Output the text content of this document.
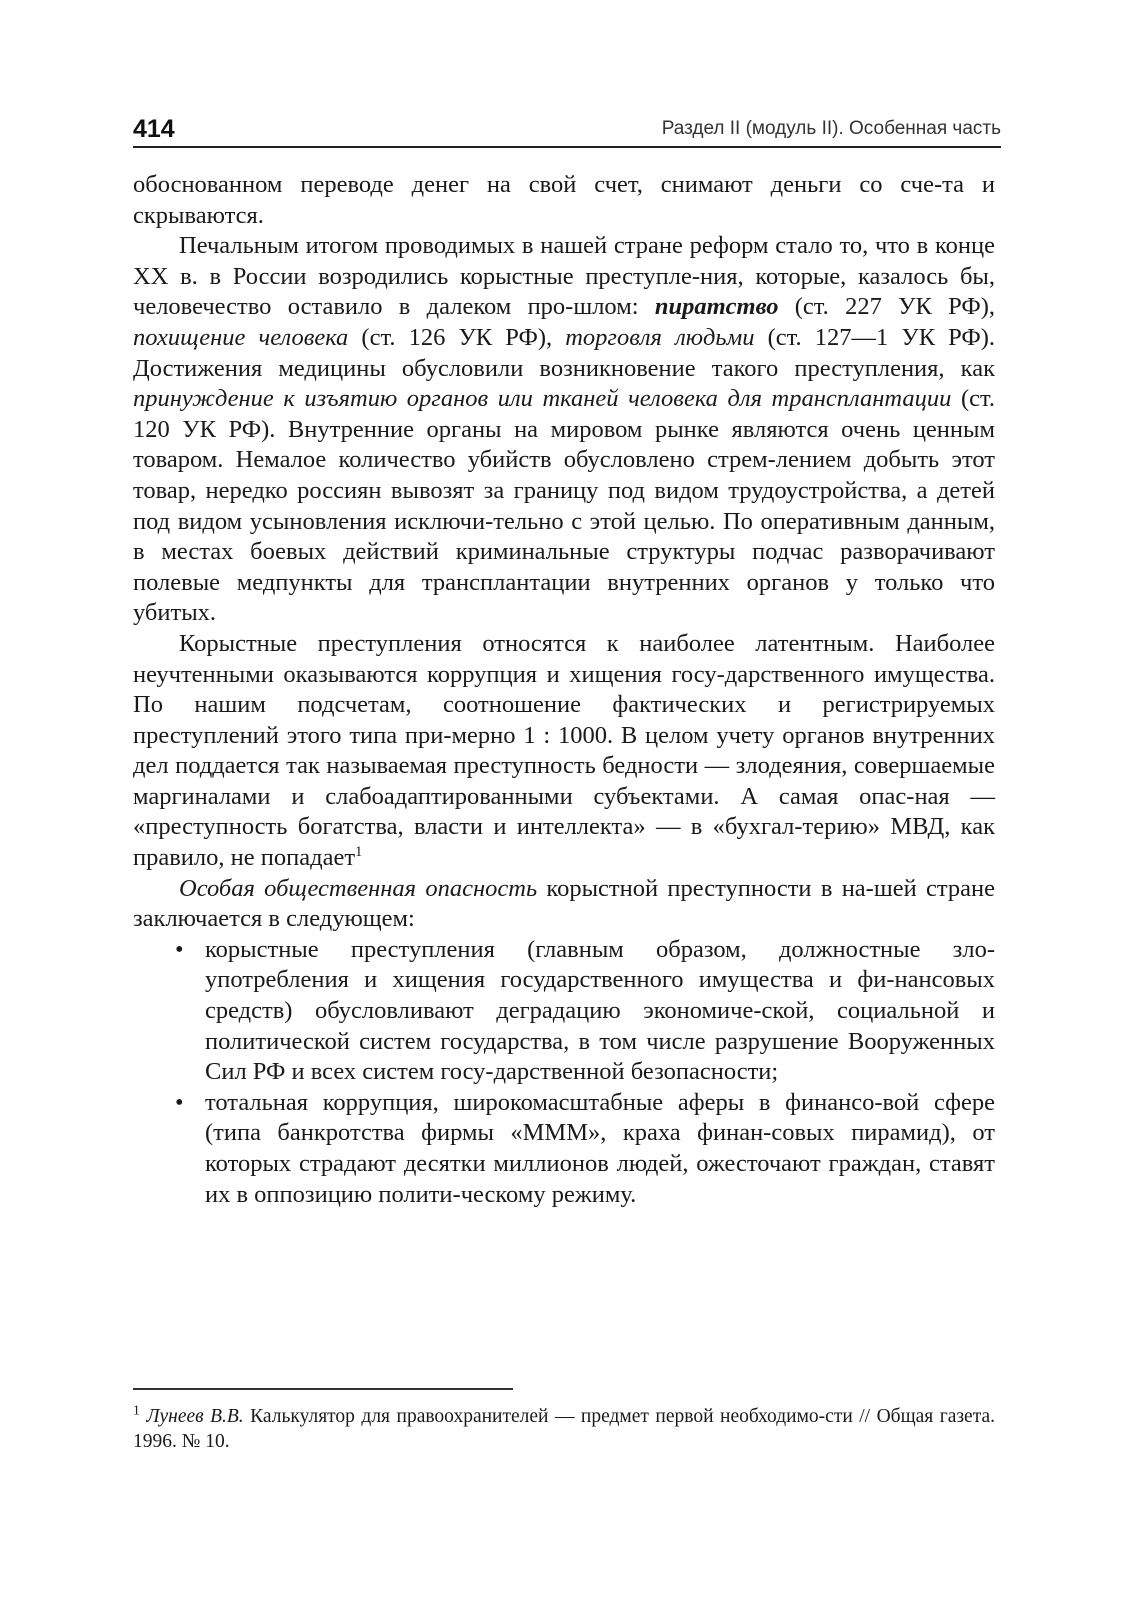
414	Раздел II (модуль II). Особенная часть

обоснованном переводе денег на свой счет, снимают деньги со сче-та и скрываются.

Печальным итогом проводимых в нашей стране реформ стало то, что в конце XX в. в России возродились корыстные преступле-ния, которые, казалось бы, человечество оставило в далеком про-шлом: пиратство (ст. 227 УК РФ), похищение человека (ст. 126 УК РФ), торговля людьми (ст. 127—1 УК РФ). Достижения медицины обусловили возникновение такого преступления, как принуждение к изъятию органов или тканей человека для трансплантации (ст. 120 УК РФ). Внутренние органы на мировом рынке являются очень ценным товаром. Немалое количество убийств обусловлено стрем-лением добыть этот товар, нередко россиян вывозят за границу под видом трудоустройства, а детей под видом усыновления исключи-тельно с этой целью. По оперативным данным, в местах боевых действий криминальные структуры подчас разворачивают полевые медпункты для трансплантации внутренних органов у только что убитых.

Корыстные преступления относятся к наиболее латентным. Наиболее неучтенными оказываются коррупция и хищения госу-дарственного имущества. По нашим подсчетам, соотношение фактических и регистрируемых преступлений этого типа при-мерно 1 : 1000. В целом учету органов внутренних дел поддается так называемая преступность бедности — злодеяния, совершаемые маргиналами и слабоадаптированными субъектами. А самая опас-ная — «преступность богатства, власти и интеллекта» — в «бухгал-терию» МВД, как правило, не попадает$^1$

Особая общественная опасность корыстной преступности в на-шей стране заключается в следующем:

• корыстные преступления (главным образом, должностные зло-употребления и хищения государственного имущества и фи-нансовых средств) обусловливают деградацию экономиче-ской, социальной и политической систем государства, в том числе разрушение Вооруженных Сил РФ и всех систем госу-дарственной безопасности;
• тотальная коррупция, широкомасштабные аферы в финансо-вой сфере (типа банкротства фирмы «МММ», краха финан-совых пирамид), от которых страдают десятки миллионов людей, ожесточают граждан, ставят их в оппозицию полити-ческому режиму.
$^1$ Лунеев В.В. Калькулятор для правоохранителей — предмет первой необходимо-сти // Общая газета. 1996. № 10.
